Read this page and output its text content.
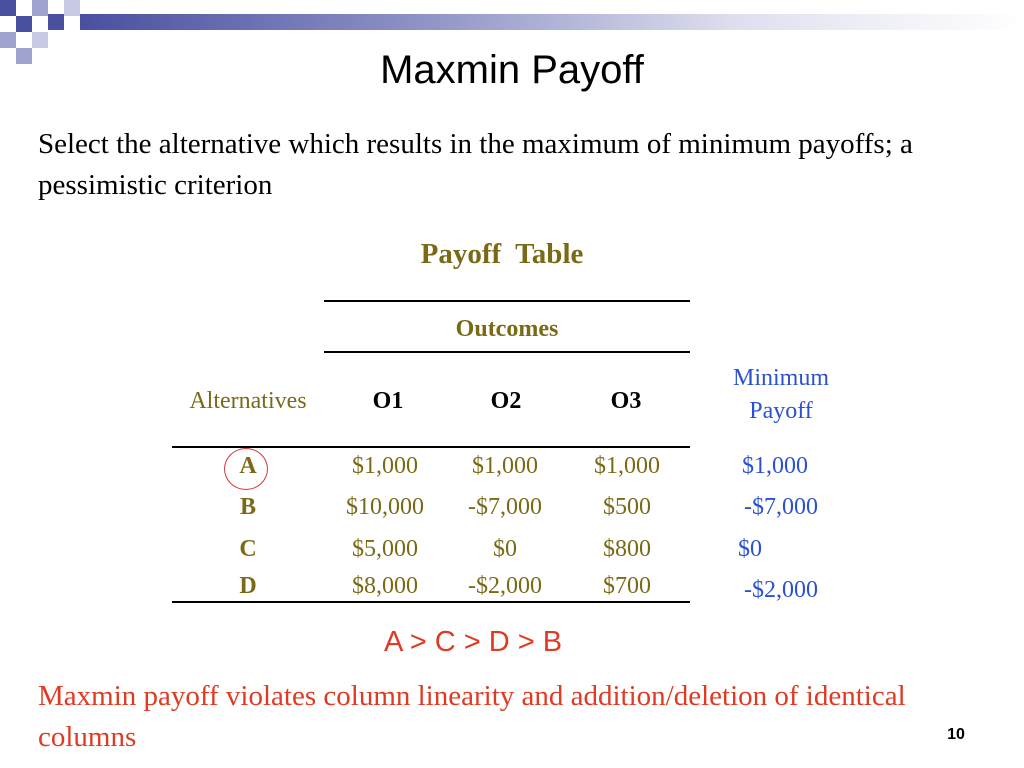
Maxmin Payoff

Select the alternative which results in the maximum of minimum payoffs; a pessimistic criterion

Payoff  Table
Outcomes
Alternatives	O1	O2	O3
Minimum
Payoff
A	$1,000	$1,000	$1,000	$1,000
B	$10,000	-$7,000	$500	-$7,000
C	$5,000	$0	$800	$0
D	$8,000	-$2,000	$700	-$2,000
A > C > D > B

Maxmin payoff violates column linearity and addition/deletion of identical columns	10
